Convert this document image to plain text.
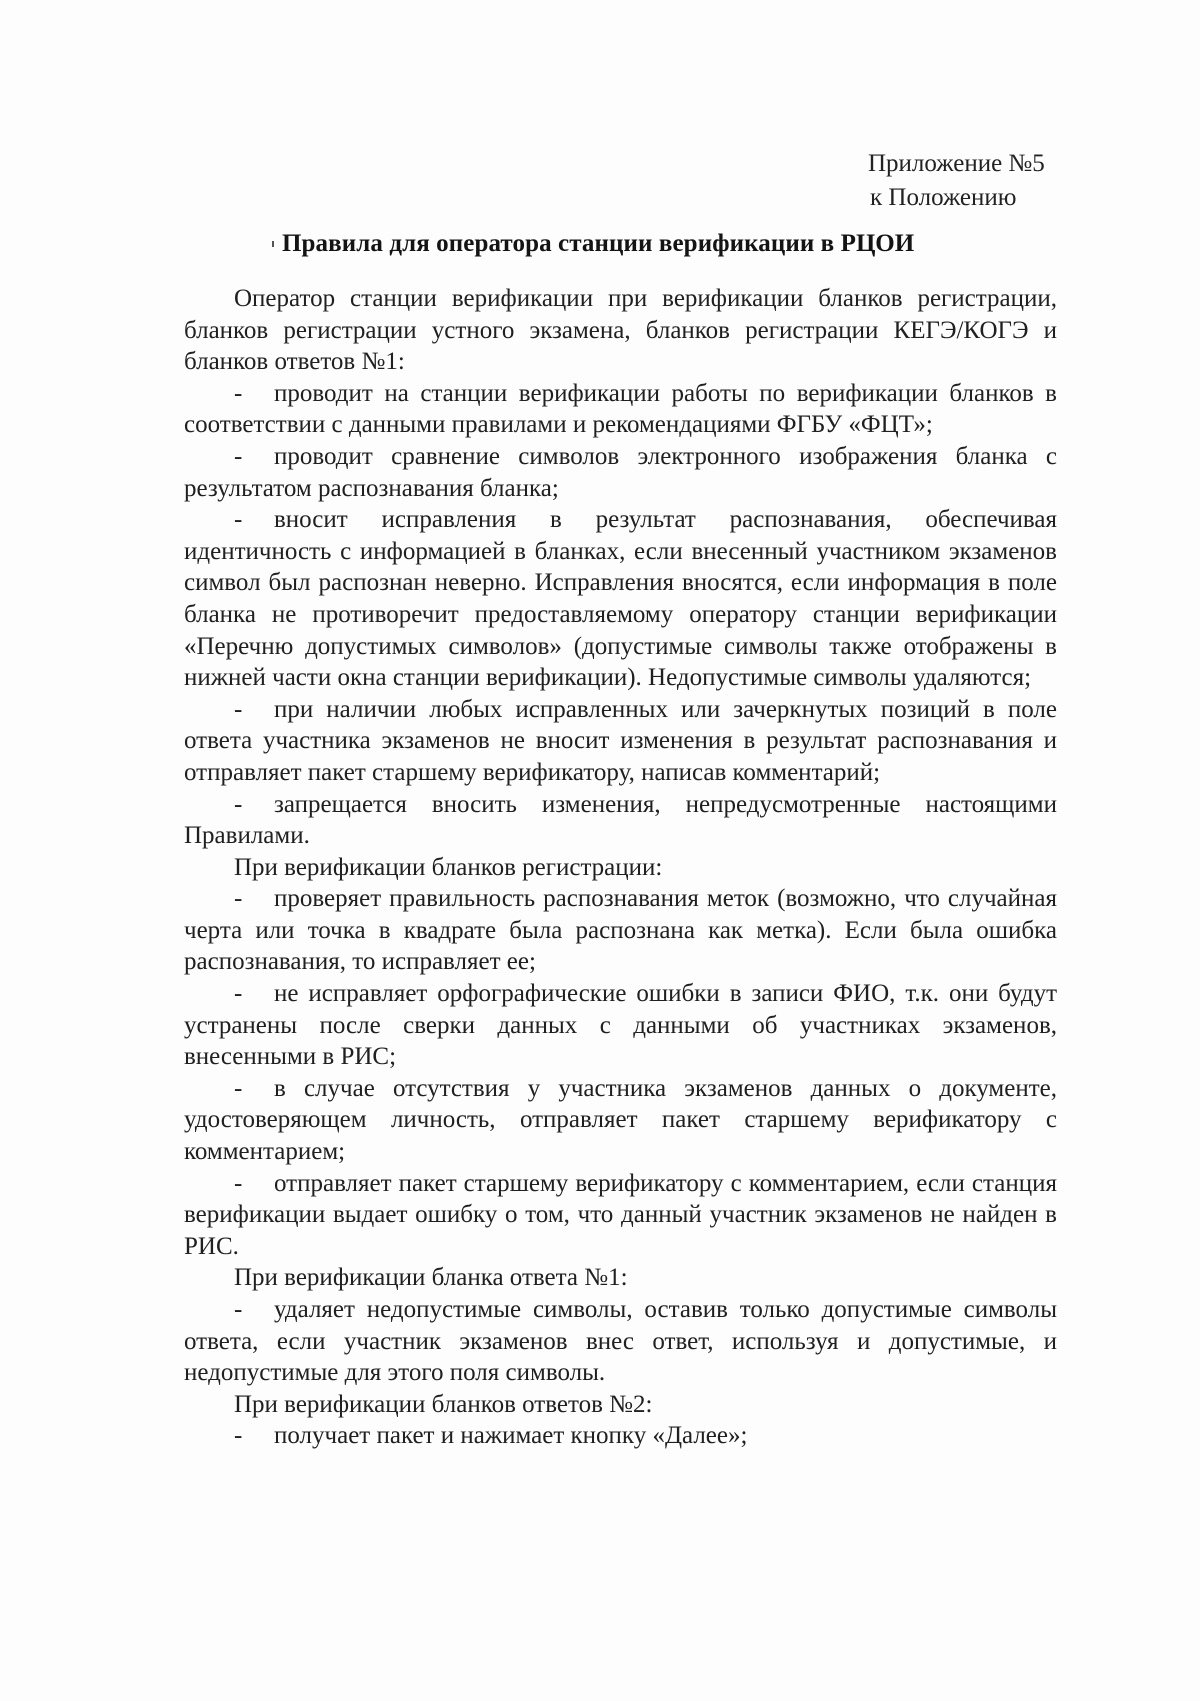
Приложение №5
к Положению
Правила для оператора станции верификации в РЦОИ

Оператор станции верификации при верификации бланков регистрации, бланков регистрации устного экзамена, бланков регистрации КЕГЭ/КОГЭ и бланков ответов №1:

- проводит на станции верификации работы по верификации бланков в соответствии с данными правилами и рекомендациями ФГБУ «ФЦТ»;

- проводит сравнение символов электронного изображения бланка с результатом распознавания бланка;

- вносит исправления в результат распознавания, обеспечивая идентичность с информацией в бланках, если внесенный участником экзаменов символ был распознан неверно. Исправления вносятся, если информация в поле бланка не противоречит предоставляемому оператору станции верификации «Перечню допустимых символов» (допустимые символы также отображены в нижней части окна станции верификации). Недопустимые символы удаляются;

- при наличии любых исправленных или зачеркнутых позиций в поле ответа участника экзаменов не вносит изменения в результат распознавания и отправляет пакет старшему верификатору, написав комментарий;

- запрещается вносить изменения, непредусмотренные настоящими Правилами.

При верификации бланков регистрации:

- проверяет правильность распознавания меток (возможно, что случайная черта или точка в квадрате была распознана как метка). Если была ошибка распознавания, то исправляет ее;

- не исправляет орфографические ошибки в записи ФИО, т.к. они будут устранены после сверки данных с данными об участниках экзаменов, внесенными в РИС;

- в случае отсутствия у участника экзаменов данных о документе, удостоверяющем личность, отправляет пакет старшему верификатору с комментарием;

- отправляет пакет старшему верификатору с комментарием, если станция верификации выдает ошибку о том, что данный участник экзаменов не найден в РИС.

При верификации бланка ответа №1:

- удаляет недопустимые символы, оставив только допустимые символы ответа, если участник экзаменов внес ответ, используя и допустимые, и недопустимые для этого поля символы.

При верификации бланков ответов №2:

- получает пакет и нажимает кнопку «Далее»;
